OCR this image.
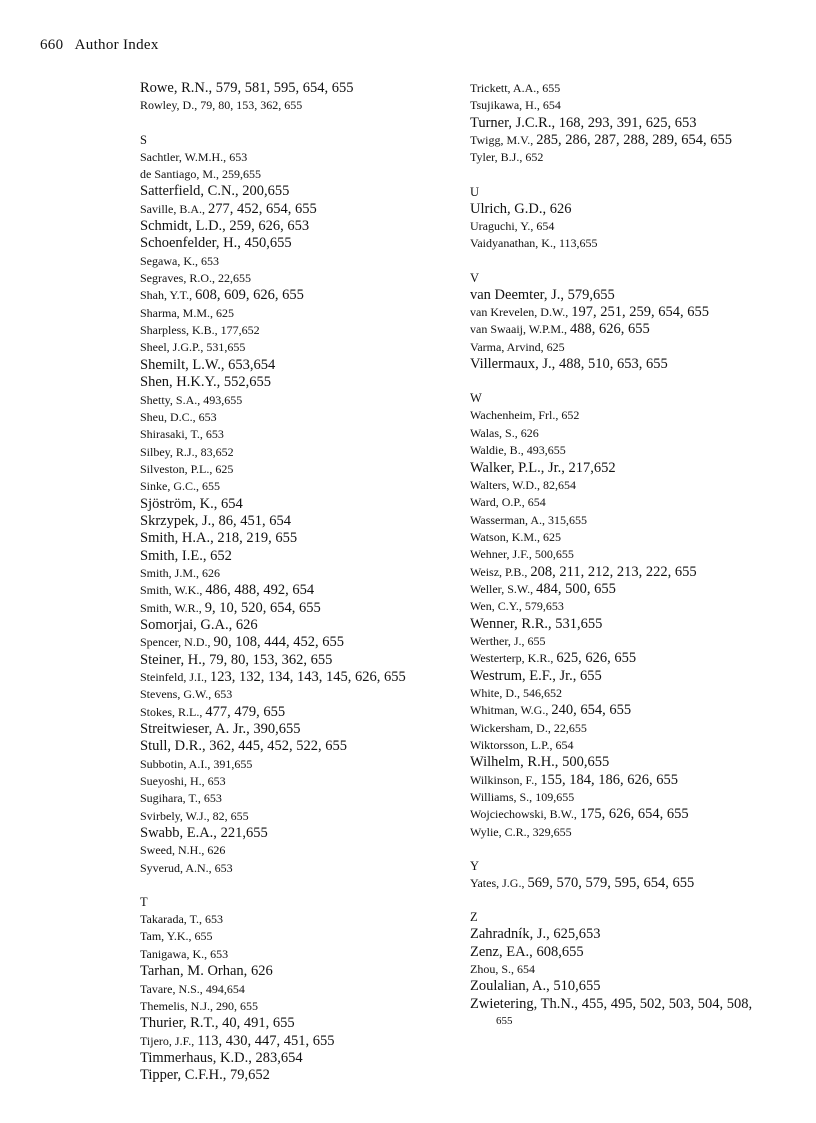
660 Author Index
Rowe, R.N., 579, 581, 595, 654, 655
Rowley, D., 79, 80, 153, 362, 655
S
Sachtler, W.M.H., 653
de Santiago, M., 259,655
Satterfield, C.N., 200,655
Saville, B.A., 277, 452, 654, 655
Schmidt, L.D., 259, 626, 653
Schoenfelder, H., 450,655
Segawa, K., 653
Segraves, R.O., 22,655
Shah, Y.T., 608, 609, 626, 655
Sharma, M.M., 625
Sharpless, K.B., 177,652
Sheel, J.G.P., 531,655
Shemilt, L.W., 653,654
Shen, H.K.Y., 552,655
Shetty, S.A., 493,655
Sheu, D.C., 653
Shirasaki, T., 653
Silbey, R.J., 83,652
Silveston, P.L., 625
Sinke, G.C., 655
Sjöström, K., 654
Skrzypek, J., 86, 451, 654
Smith, H.A., 218, 219, 655
Smith, I.E., 652
Smith, J.M., 626
Smith, W.K., 486, 488, 492, 654
Smith, W.R., 9, 10, 520, 654, 655
Somorjai, G.A., 626
Spencer, N.D., 90, 108, 444, 452, 655
Steiner, H., 79, 80, 153, 362, 655
Steinfeld, J.I., 123, 132, 134, 143, 145, 626, 655
Stevens, G.W., 653
Stokes, R.L., 477, 479, 655
Streitwieser, A. Jr., 390,655
Stull, D.R., 362, 445, 452, 522, 655
Subbotin, A.I., 391,655
Sueyoshi, H., 653
Sugihara, T., 653
Svirbely, W.J., 82, 655
Swabb, E.A., 221,655
Sweed, N.H., 626
Syverud, A.N., 653
T
Takarada, T., 653
Tam, Y.K., 655
Tanigawa, K., 653
Tarhan, M. Orhan, 626
Tavare, N.S., 494,654
Themelis, N.J., 290, 655
Thurier, R.T., 40, 491, 655
Tijero, J.F., 113, 430, 447, 451, 655
Timmerhaus, K.D., 283,654
Tipper, C.F.H., 79,652
Trickett, A.A., 655
Tsujikawa, H., 654
Turner, J.C.R., 168, 293, 391, 625, 653
Twigg, M.V., 285, 286, 287, 288, 289, 654, 655
Tyler, B.J., 652
U
Ulrich, G.D., 626
Uraguchi, Y., 654
Vaidyanathan, K., 113,655
V
van Deemter, J., 579,655
van Krevelen, D.W., 197, 251, 259, 654, 655
van Swaaij, W.P.M., 488, 626, 655
Varma, Arvind, 625
Villermaux, J., 488, 510, 653, 655
W
Wachenheim, Frl., 652
Walas, S., 626
Waldie, B., 493,655
Walker, P.L., Jr., 217,652
Walters, W.D., 82,654
Ward, O.P., 654
Wasserman, A., 315,655
Watson, K.M., 625
Wehner, J.F., 500,655
Weisz, P.B., 208, 211, 212, 213, 222, 655
Weller, S.W., 484, 500, 655
Wen, C.Y., 579,653
Wenner, R.R., 531,655
Werther, J., 655
Westerterp, K.R., 625, 626, 655
Westrum, E.F., Jr., 655
White, D., 546,652
Whitman, W.G., 240, 654, 655
Wickersham, D., 22,655
Wiktorsson, L.P., 654
Wilhelm, R.H., 500,655
Wilkinson, F., 155, 184, 186, 626, 655
Williams, S., 109,655
Wojciechowski, B.W., 175, 626, 654, 655
Wylie, C.R., 329,655
Y
Yates, J.G., 569, 570, 579, 595, 654, 655
Z
Zahradník, J., 625,653
Zenz, EA., 608,655
Zhou, S., 654
Zoulalian, A., 510,655
Zwietering, Th.N., 455, 495, 502, 503, 504, 508,
655
